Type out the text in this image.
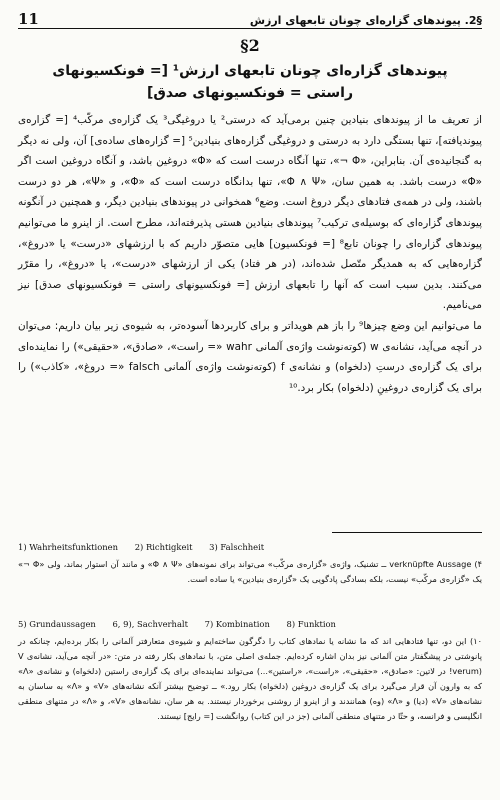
11	§2. پیوندهای گزاره‌ای چونان تابعهای ارزش
§2
پیوندهای گزاره‌ای چونان تابعهای ارزش¹ [= فونکسیونهای
راستی = فونکسیونهای صدق]

از تعریف ما از پیوندهای بنیادین چنین برمی‌آید که درستی² یا دروغیگی³ یک گزاره‌ی مرکّب⁴ [= گزاره‌ی پیوندیافته]، تنها بستگی دارد به درستی و دروغیگی گزاره‌های بنیادین⁵ [= گزاره‌های ساده‌ی] آن، ولی نه دیگر به گنجانیده‌ی آن. بنابراین، «Φ ¬»، تنها آنگاه درست است که «Φ» دروغین باشد، و آنگاه دروغین است اگر «Φ» درست باشد. به همین سان، «Φ ∧ Ψ»، تنها بدانگاه درست است که «Φ»، و «Ψ»، هر دو درست باشند، ولی در همه‌ی فتادهای دیگر دروغ است. وضع⁶ همخوانی در پیوندهای بنیادین دیگر، و همچنین در آنگونه پیوندهای گزاره‌ای که بوسیله‌ی ترکیب⁷ پیوندهای بنیادین هستی پذیرفته‌اند، مطرح است. از اینرو ما می‌توانیم پیوندهای گزاره‌ای را چونان تابع⁸ [= فونکسیون] هایی متصوّر داریم که با ارزشهای «درست» یا «دروغ»، گزاره‌هایی که به همدیگر متّصل شده‌اند، (در هر فتاد) یکی از ارزشهای «درست»، یا «دروغ»، را مقرّر می‌کنند. بدین سبب است که آنها را تابعهای ارزش [= فونکسیونهای راستی = فونکسیونهای صدق] نیز می‌نامیم.

ما می‌توانیم این وضع چیزها⁹ را باز هم هویداتر و برای کاربردها آسوده‌تر، به شیوه‌ی زیر بیان داریم: می‌توان در آنچه می‌آید، نشانه‌ی w (کوته‌نوشت واژه‌ی آلمانی wahr «= راست»، «صادق»، «حقیقی») را نماینده‌ای برای یک گزاره‌ی درستِ (دلخواه) و نشانه‌ی f (کوته‌نوشت واژه‌ی آلمانی falsch «= دروغ»، «کاذب») را برای یک گزاره‌ی دروغینِ (دلخواه) بکار برد.¹⁰

1) Wahrheitsfunktionen 2) Richtigkeit 3) Falschheit

۴) verknüpfte Aussage ــ تشنیک، واژه‌ی «گزاره‌ی مرکّب» می‌تواند برای نمونه‌های «Φ ∧ Ψ» و مانند آن استوار بماند، ولی «Φ ¬» یک «گزاره‌ی مرکّب» نیست، بلکه بسادگی پادگویی یک «گزاره‌ی بنیادین» یا ساده است.

5) Grundaussagen 6, 9), Sachverhalt 7) Kombination 8) Funktion

۱۰) این دو، تنها فتادهایی اند که ما نشانه یا نمادهای کتاب را دگرگون ساخته‌ایم و شیوه‌ی متعارفتر آلمانی را بکار برده‌ایم، چنانکه در پانوشتی در پیشگفتار متن آلمانی نیز بدان اشاره کرده‌ایم. جمله‌ی اصلی متن، با نمادهای بکار رفته در متن: «در آنچه می‌آید، نشانه‌ی V (verum! در لاتین: «صادق»، «حقیقی»، «راست»، «راستین»...) می‌تواند نماینده‌ای برای یک گزاره‌ی راستین (دلخواه) و نشانه‌ی «Λ» که به وارون آن قرار می‌گیرد برای یک گزاره‌ی دروغین (دلخواه) بکار رود.» ــ توضیح بیشتر آنکه نشانه‌های «V» و «Λ» به ساسان به نشانه‌های «V» (دیا) و «Λ» (وه) همانندند و از اینرو از روشنی برخوردار نیستند. به هر سان، نشانه‌های «V»، و «Λ» در متنهای منطقی انگلیسی و فرانسه، و حتّا در متنهای منطقی آلمانی (جز در این کتاب) روانگشت [= رایج] نیستند.
